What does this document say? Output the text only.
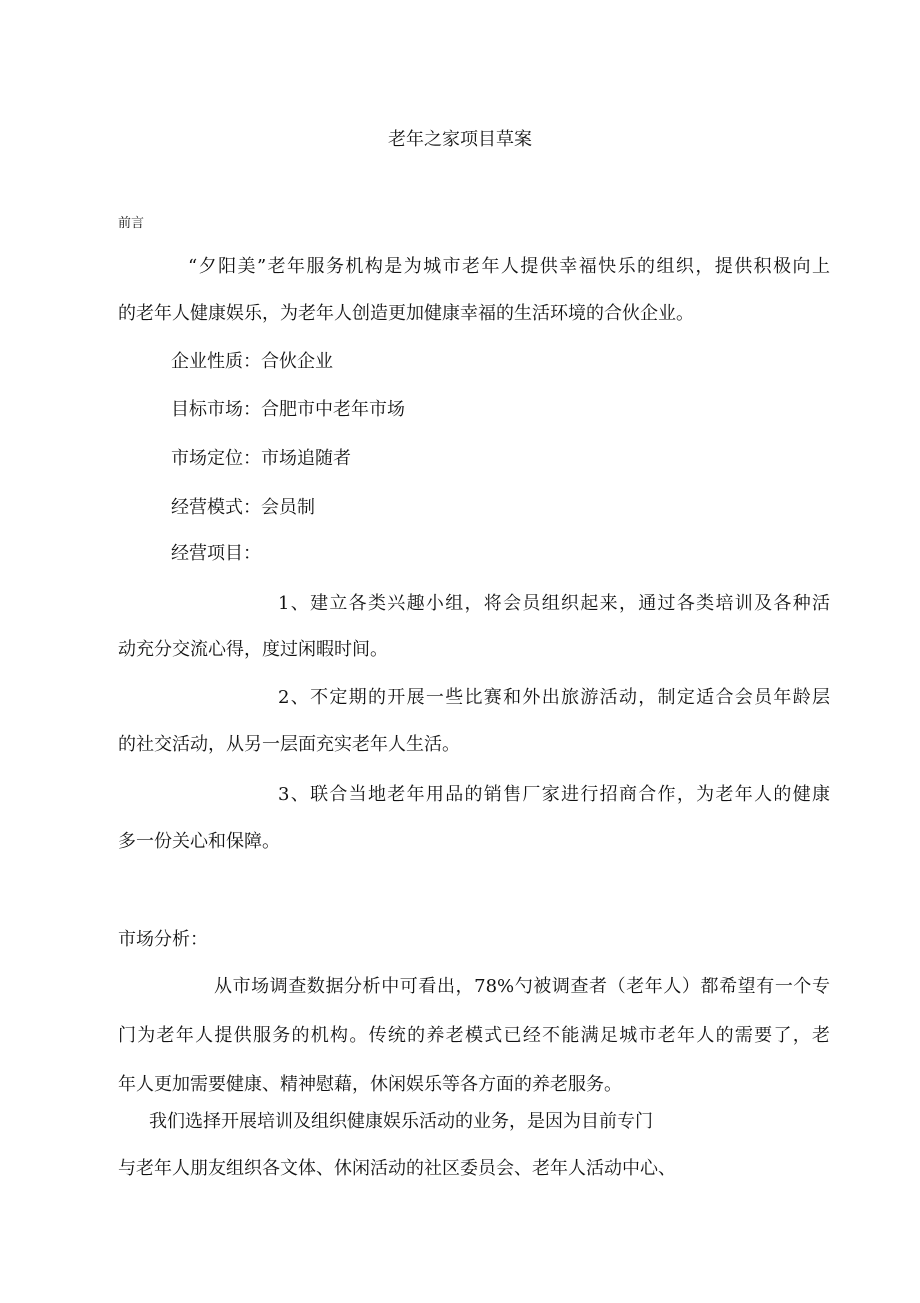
老年之家项目草案
前言
“夕阳美”老年服务机构是为城市老年人提供幸福快乐的组织，提供积极向上
的老年人健康娱乐，为老年人创造更加健康幸福的生活环境的合伙企业。
企业性质：合伙企业
目标市场：合肥市中老年市场
市场定位：市场追随者
经营模式：会员制
经营项目：
1、建立各类兴趣小组，将会员组织起来，通过各类培训及各种活
动充分交流心得，度过闲暇时间。
2、不定期的开展一些比赛和外出旅游活动，制定适合会员年龄层
的社交活动，从另一层面充实老年人生活。
3、联合当地老年用品的销售厂家进行招商合作，为老年人的健康
多一份关心和保障。
市场分析：
从市场调查数据分析中可看出，78%勺被调查者（老年人）都希望有一个专
门为老年人提供服务的机构。传统的养老模式已经不能满足城市老年人的需要了，老
年人更加需要健康、精神慰藉，休闲娱乐等各方面的养老服务。
我们选择开展培训及组织健康娱乐活动的业务，是因为目前专门
与老年人朋友组织各文体、休闲活动的社区委员会、老年人活动中心、
